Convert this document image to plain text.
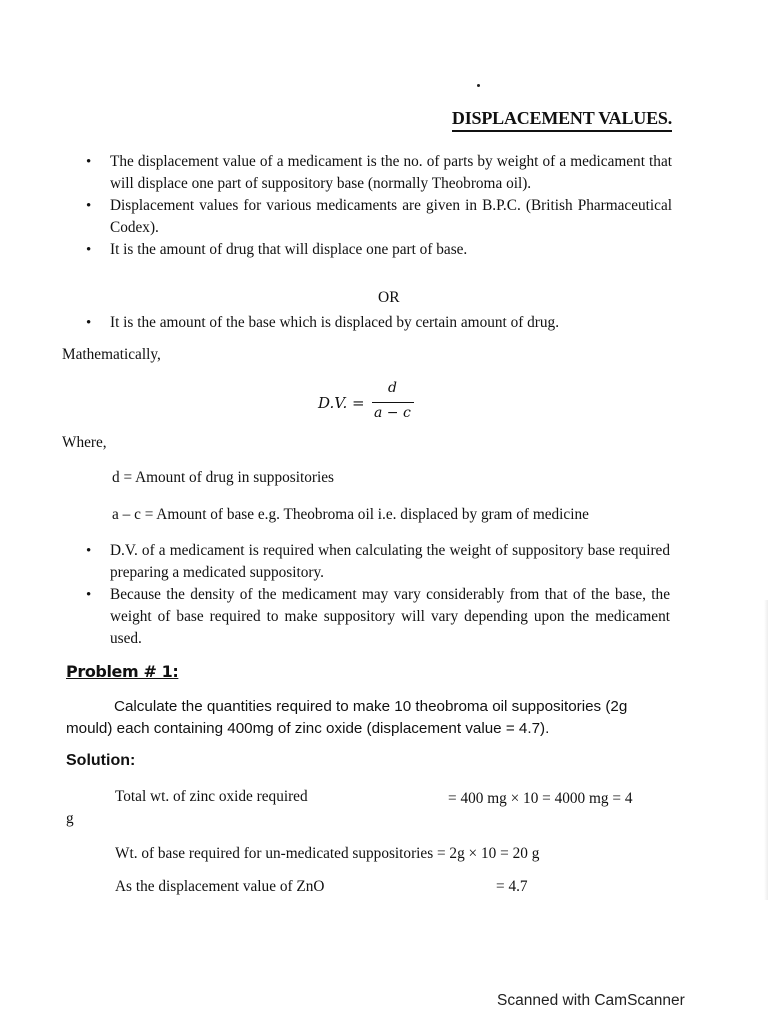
DISPLACEMENT VALUES.
• The displacement value of a medicament is the no. of parts by weight of a medicament that will displace one part of suppository base (normally Theobroma oil).
• Displacement values for various medicaments are given in B.P.C. (British Pharmaceutical Codex).
• It is the amount of drug that will displace one part of base.
OR
• It is the amount of the base which is displaced by certain amount of drug.
Mathematically,
D.V. =
d
a − c
Where,
d = Amount of drug in suppositories
a – c = Amount of base e.g. Theobroma oil i.e. displaced by gram of medicine
• D.V. of a medicament is required when calculating the weight of suppository base required preparing a medicated suppository.
• Because the density of the medicament may vary considerably from that of the base, the weight of base required to make suppository will vary depending upon the medicament used.
Problem # 1:
Calculate the quantities required to make 10 theobroma oil suppositories (2g mould) each containing 400mg of zinc oxide (displacement value = 4.7).
Solution:
Total wt. of zinc oxide required	= 400 mg × 10 = 4000 mg = 4
g
Wt. of base required for un-medicated suppositories = 2g × 10 = 20 g
As the displacement value of ZnO	= 4.7
Scanned with CamScanner
